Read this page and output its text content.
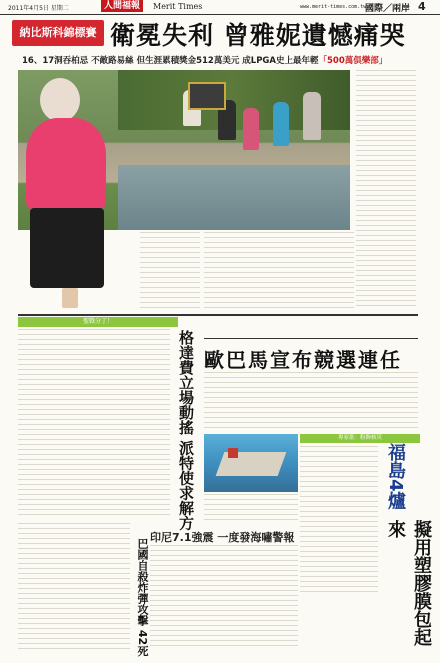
2011年4月5日 星期二	人間福報	Merit Times	www.merit-times.com.tw
國際／兩岸 4
納比斯科錦標賽 衛冕失利 曾雅妮遺憾痛哭
16、17洞吞柏忌 不敵路易絲 但生涯累積獎金512萬美元 成LPGA史上最年輕「500萬俱樂部」
聖戰分了！
格達費立場動搖 派特使求解方 歐巴馬宣布競選連任
專家批：粉飾核災
福島4爐
擬用塑膠膜包起來
印尼7.1強震 一度發海嘯警報
巴國自殺炸彈攻擊 42死
